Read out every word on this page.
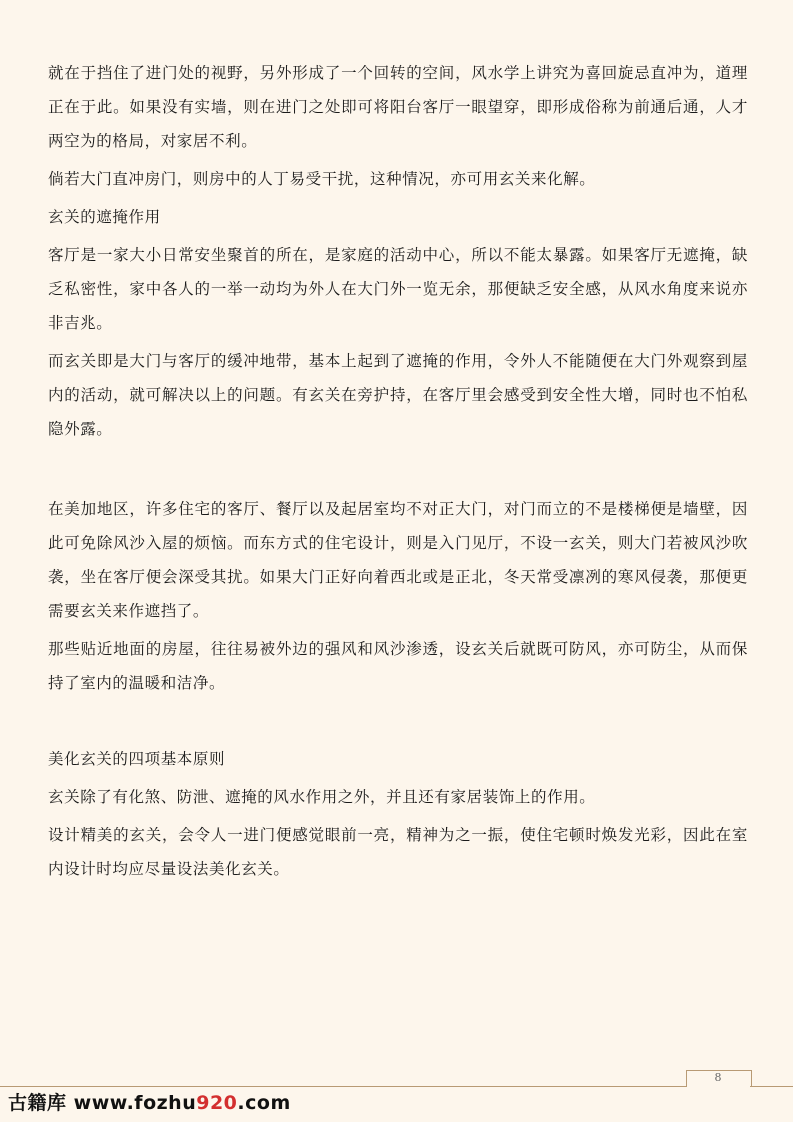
就在于挡住了进门处的视野，另外形成了一个回转的空间，风水学上讲究为喜回旋忌直冲为，道理正在于此。如果没有实墙，则在进门之处即可将阳台客厅一眼望穿，即形成俗称为前通后通，人才两空为的格局，对家居不利。

倘若大门直冲房门，则房中的人丁易受干扰，这种情况，亦可用玄关来化解。

玄关的遮掩作用

客厅是一家大小日常安坐聚首的所在，是家庭的活动中心，所以不能太暴露。如果客厅无遮掩，缺乏私密性，家中各人的一举一动均为外人在大门外一览无余，那便缺乏安全感，从风水角度来说亦非吉兆。

而玄关即是大门与客厅的缓冲地带，基本上起到了遮掩的作用，令外人不能随便在大门外观察到屋内的活动，就可解决以上的问题。有玄关在旁护持，在客厅里会感受到安全性大增，同时也不怕私隐外露。

在美加地区，许多住宅的客厅、餐厅以及起居室均不对正大门，对门而立的不是楼梯便是墙壁，因此可免除风沙入屋的烦恼。而东方式的住宅设计，则是入门见厅，不设一玄关，则大门若被风沙吹袭，坐在客厅便会深受其扰。如果大门正好向着西北或是正北，冬天常受凛冽的寒风侵袭，那便更需要玄关来作遮挡了。

那些贴近地面的房屋，往往易被外边的强风和风沙渗透，设玄关后就既可防风，亦可防尘，从而保持了室内的温暖和洁净。

美化玄关的四项基本原则

玄关除了有化煞、防泄、遮掩的风水作用之外，并且还有家居装饰上的作用。

设计精美的玄关，会令人一进门便感觉眼前一亮，精神为之一振，使住宅顿时焕发光彩，因此在室内设计时均应尽量设法美化玄关。

8
古籍库 www.fozhu920.com
